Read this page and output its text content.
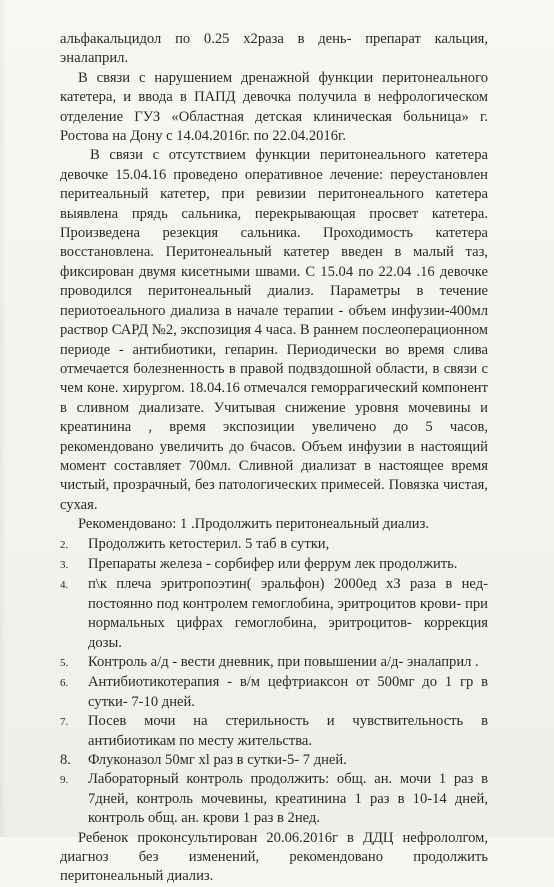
альфакальцидол по 0.25 х2раза в день- препарат кальция, эналаприл.

В связи с нарушением дренажной функции перитонеального катетера, и ввода в ПАПД девочка получила в нефрологическом отделение ГУЗ «Областная детская клиническая больница» г. Ростова на Дону с 14.04.2016г. по 22.04.2016г.

В связи с отсутствием функции перитонеального катетера девочке 15.04.16 проведено оперативное лечение: переустановлен перитеальный катетер, при ревизии перитонеального катетера выявлена прядь сальника, перекрывающая просвет катетера. Произведена резекция сальника. Проходимость катетера восстановлена. Перитонеальный катетер введен в малый таз, фиксирован двумя кисетными швами. С 15.04 по 22.04 .16 девочке проводился перитонеальный диализ. Параметры в течение периотоеального диализа в начале терапии - объем инфузии-400мл раствор САРД №2, экспозиция 4 часа. В раннем послеоперационном периоде - антибиотики, гепарин. Периодически во время слива отмечается болезненность в правой подвздошной области, в связи с чем коне. хирургом. 18.04.16 отмечался геморрагический компонент в сливном диализате. Учитывая снижение уровня мочевины и креатинина , время экспозиции увеличено до 5 часов, рекомендовано увеличить до 6часов. Объем инфузии в настоящий момент составляет 700мл. Сливной диализат в настоящее время чистый, прозрачный, без патологических примесей. Повязка чистая, сухая.

Рекомендовано: 1 .Продолжить перитонеальный диализ.

2.	Продолжить кетостерил. 5 таб в сутки,
3.	Препараты железа - сорбифер или феррум лек продолжить.
4.	п\к плеча эритропоэтин( эральфон) 2000ед хЗ раза в нед- постоянно под контролем гемоглобина, эритроцитов крови- при нормальных цифрах гемоглобина, эритроцитов- коррекция дозы.
5.	Контроль а/д - вести дневник, при повышении а/д- эналаприл .
6.	Антибиотикотерапия - в/м цефтриаксон от 500мг до 1 гр в сутки- 7-10 дней.
7.	Посев мочи на стерильность и чувствительность в антибиотикам по месту жительства.
8.	Флуконазол 50мг xl раз в сутки-5- 7 дней.
9.	Лабораторный контроль продолжить: общ. ан. мочи 1 раз в 7дней, контроль мочевины, креатинина 1 раз в 10-14 дней, контроль общ. ан. крови 1 раз в 2нед.

Ребенок проконсультирован 20.06.2016г в ДДЦ нефрололгом, диагноз без изменений, рекомендовано продолжить перитонеальный диализ.
